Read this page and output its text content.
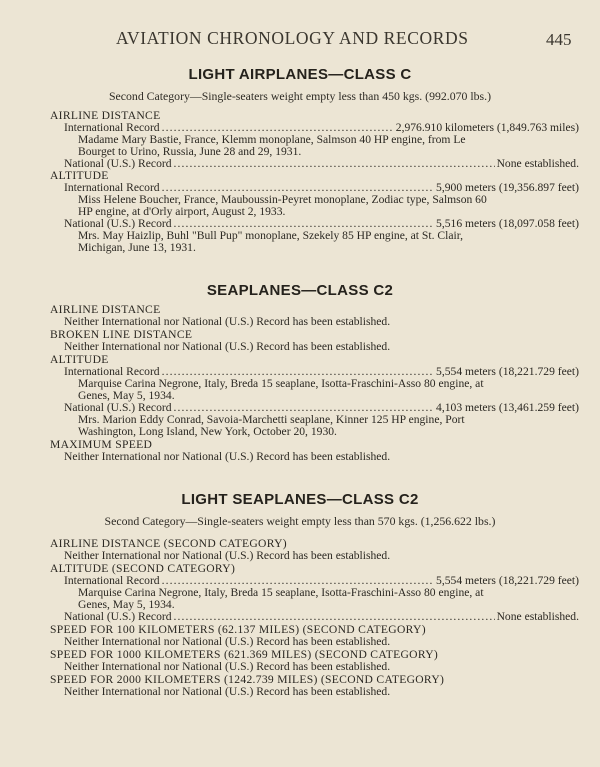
AVIATION CHRONOLOGY AND RECORDS	445
LIGHT AIRPLANES—CLASS C
Second Category—Single-seaters weight empty less than 450 kgs. (992.070 lbs.)
AIRLINE DISTANCE
International Record .....	2,976.910 kilometers (1,849.763 miles)
Madame Mary Bastie, France, Klemm monoplane, Salmson 40 HP engine, from Le
Bourget to Urino, Russia, June 28 and 29, 1931.
National (U.S.) Record .....	None established.
ALTITUDE
International Record .....	5,900 meters (19,356.897 feet)
Miss Helene Boucher, France, Mauboussin-Peyret monoplane, Zodiac type, Salmson 60
HP engine, at d'Orly airport, August 2, 1933.
National (U.S.) Record .....	5,516 meters (18,097.058 feet)
Mrs. May Haizlip, Buhl "Bull Pup" monoplane, Szekely 85 HP engine, at St. Clair,
Michigan, June 13, 1931.
SEAPLANES—CLASS C2
AIRLINE DISTANCE
Neither International nor National (U.S.) Record has been established.
BROKEN LINE DISTANCE
Neither International nor National (U.S.) Record has been established.
ALTITUDE
International Record .....	5,554 meters (18,221.729 feet)
Marquise Carina Negrone, Italy, Breda 15 seaplane, Isotta-Fraschini-Asso 80 engine, at
Genes, May 5, 1934.
National (U.S.) Record .....	4,103 meters (13,461.259 feet)
Mrs. Marion Eddy Conrad, Savoia-Marchetti seaplane, Kinner 125 HP engine, Port
Washington, Long Island, New York, October 20, 1930.
MAXIMUM SPEED
Neither International nor National (U.S.) Record has been established.
LIGHT SEAPLANES—CLASS C2
Second Category—Single-seaters weight empty less than 570 kgs. (1,256.622 lbs.)
AIRLINE DISTANCE (SECOND CATEGORY)
Neither International nor National (U.S.) Record has been established.
ALTITUDE (SECOND CATEGORY)
International Record .....	5,554 meters (18,221.729 feet)
Marquise Carina Negrone, Italy, Breda 15 seaplane, Isotta-Fraschini-Asso 80 engine, at
Genes, May 5, 1934.
National (U.S.) Record .....	None established.
SPEED FOR 100 KILOMETERS (62.137 MILES) (SECOND CATEGORY)
Neither International nor National (U.S.) Record has been established.
SPEED FOR 1000 KILOMETERS (621.369 MILES) (SECOND CATEGORY)
Neither International nor National (U.S.) Record has been established.
SPEED FOR 2000 KILOMETERS (1242.739 MILES) (SECOND CATEGORY)
Neither International nor National (U.S.) Record has been established.
